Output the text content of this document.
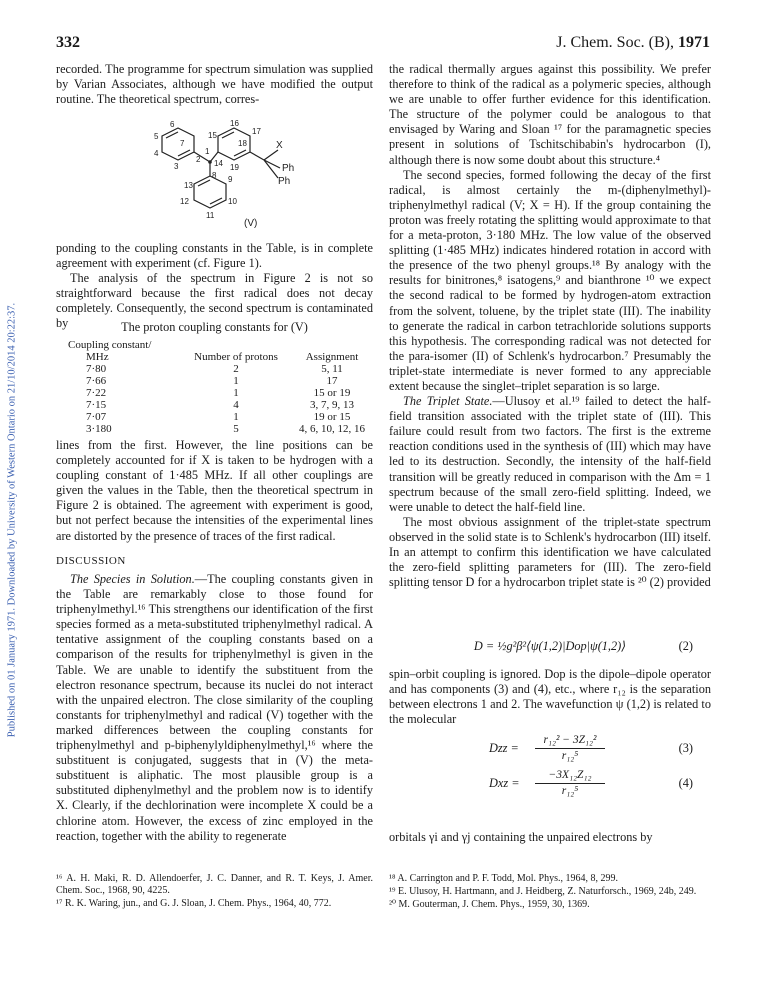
332	J. Chem. Soc. (B), 1971
Published on 01 January 1971. Downloaded by University of Western Ontario on 21/10/2014 20:22:37.

recorded. The programme for spectrum simulation was supplied by Varian Associates, although we have modified the output routine. The theoretical spectrum, corres-

6
7
5
4
3
2
1
15
16
17
18
14 19
8 9
13
12	10
11
X
Ph
Ph
(V)

ponding to the coupling constants in the Table, is in complete agreement with experiment (cf. Figure 1).

The analysis of the spectrum in Figure 2 is not so straightforward because the first radical does not decay completely. Consequently, the second spectrum is contaminated by	The proton coupling constants for (V)
Coupling constant/
MHz	Number of protons	Assignment
7·80	2	5, 11
7·66	1	17
7·22	1	15 or 19
7·15	4	3, 7, 9, 13
7·07	1	19 or 15
3·180	5	4, 6, 10, 12, 16

lines from the first. However, the line positions can be completely accounted for if X is taken to be hydrogen with a coupling constant of 1·485 MHz. If all other couplings are given the values in the Table, then the theoretical spectrum in Figure 2 is obtained. The agreement with experiment is good, but not perfect because the intensities of the experimental lines are distorted by the presence of traces of the first radical.

DISCUSSION

The Species in Solution.—The coupling constants given in the Table are remarkably close to those found for triphenylmethyl.¹⁶ This strengthens our identification of the first species formed as a meta-substituted triphenylmethyl radical. A tentative assignment of the coupling constants based on a comparison of the results for triphenylmethyl is given in the Table. We are unable to identify the substituent from the electron resonance spectrum, because its nuclei do not interact with the unpaired electron. The close similarity of the coupling constants for triphenylmethyl and radical (V) together with the marked differences between the coupling constants for triphenylmethyl and p-biphenylyldiphenylmethyl,¹⁶ where the substituent is conjugated, suggests that in (V) the meta-substituent is aliphatic. The most plausible group is a substituted diphenylmethyl and the problem now is to identify X. Clearly, if the dechlorination were incomplete X could be a chlorine atom. However, the excess of zinc employed in the reaction, together with the ability to regenerate

¹⁶ A. H. Maki, R. D. Allendoerfer, J. C. Danner, and R. T. Keys, J. Amer. Chem. Soc., 1968, 90, 4225.

¹⁷ R. K. Waring, jun., and G. J. Sloan, J. Chem. Phys., 1964, 40, 772.

the radical thermally argues against this possibility. We prefer therefore to think of the radical as a polymeric species, although we are unable to offer further evidence for this identification. The structure of the polymer could be analogous to that envisaged by Waring and Sloan ¹⁷ for the paramagnetic species present in solutions of Tschitschibabin's hydrocarbon (I), although there is now some doubt about this structure.⁴

The second species, formed following the decay of the first radical, is almost certainly the m-(diphenylmethyl)-triphenylmethyl radical (V; X = H). If the group containing the proton was freely rotating the splitting would approximate to that for a meta-proton, 3·180 MHz. The low value of the observed splitting (1·485 MHz) indicates hindered rotation in accord with the presence of the two phenyl groups.¹⁸ By analogy with the results for binitrones,⁸ isatogens,⁹ and bianthrone ¹⁰ we expect the second radical to be formed by hydrogen-atom extraction from the solvent, toluene, by the triplet state (III). The inability to generate the radical in carbon tetrachloride solutions supports this hypothesis. The corresponding radical was not detected for the para-isomer (II) of Schlenk's hydrocarbon.⁷ Presumably the triplet-state intermediate is never formed to any appreciable extent because the singlet–triplet separation is so large.

The Triplet State.—Ulusoy et al.¹⁹ failed to detect the half-field transition associated with the triplet state of (III). This failure could result from two factors. The first is the extreme reaction conditions used in the synthesis of (III) which may have led to its destruction. Secondly, the intensity of the half-field transition will be greatly reduced in comparison with the Δm = 1 spectrum because of the small zero-field splitting. Indeed, we were unable to detect the half-field line.

The most obvious assignment of the triplet-state spectrum observed in the solid state is to Schlenk's hydrocarbon (III) itself. In an attempt to confirm this identification we have calculated the zero-field splitting parameters for (III). The zero-field splitting tensor D for a hydrocarbon triplet state is ²⁰ (2) provided

D = ½g²β²⟨ψ(1,2)|Dop|ψ(1,2)⟩	(2)

spin–orbit coupling is ignored. Dop is the dipole–dipole operator and has components (3) and (4), etc., where r₁₂ is the separation between electrons 1 and 2. The wavefunction ψ (1,2) is related to the molecular

Dzz = $\frac{\text{r₁₂² − 3Z₁₂²}}{\text{r₁₂⁵}}$	(3)
Dxz = $\frac{\text{−3X₁₂Z₁₂}}{\text{r₁₂⁵}}$	(4)

orbitals γi and γj containing the unpaired electrons by

¹⁸ A. Carrington and P. F. Todd, Mol. Phys., 1964, 8, 299.

¹⁹ E. Ulusoy, H. Hartmann, and J. Heidberg, Z. Naturforsch., 1969, 24b, 249.

²⁰ M. Gouterman, J. Chem. Phys., 1959, 30, 1369.
